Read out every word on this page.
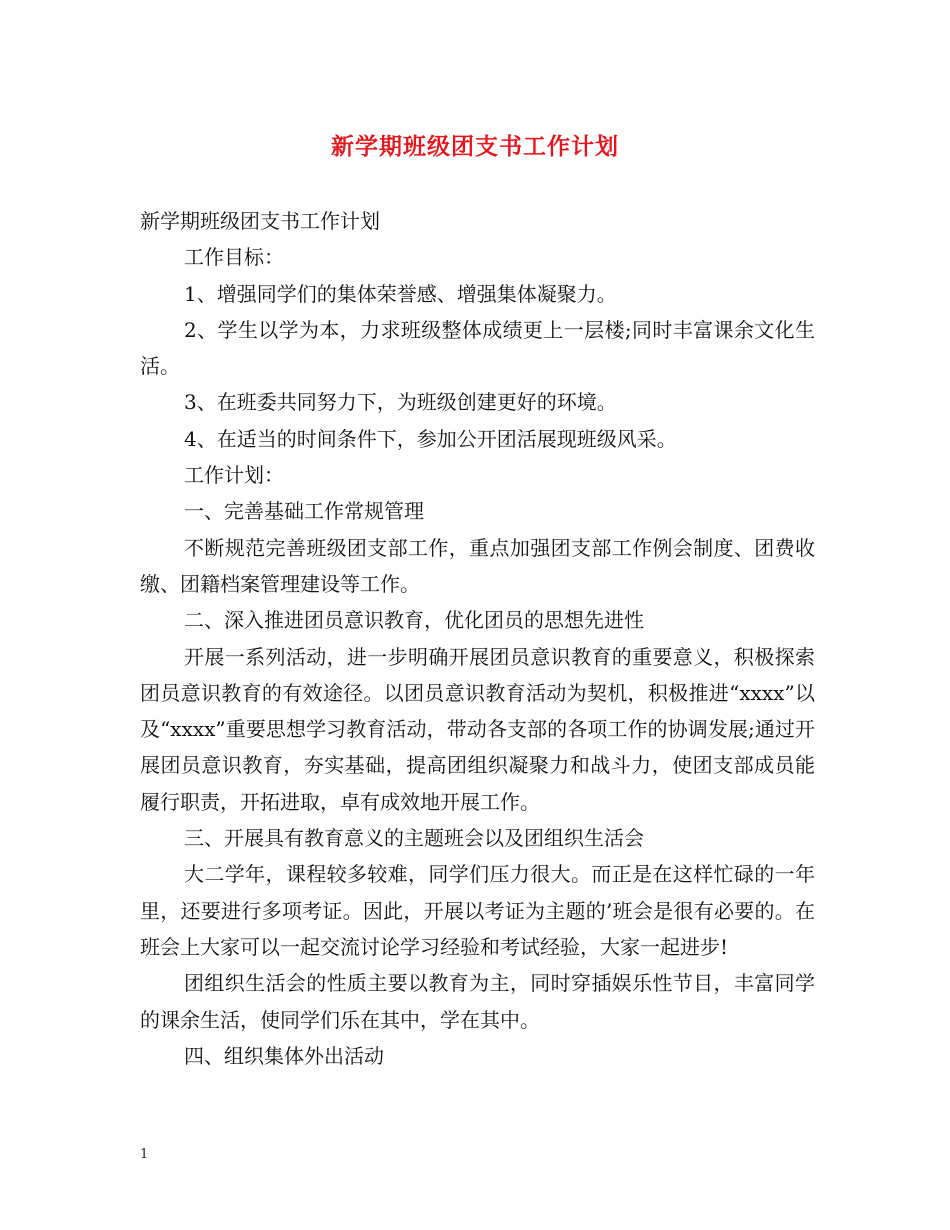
新学期班级团支书工作计划

新学期班级团支书工作计划

工作目标：

1、增强同学们的集体荣誉感、增强集体凝聚力。

2、学生以学为本，力求班级整体成绩更上一层楼;同时丰富课余文化生活。

3、在班委共同努力下，为班级创建更好的环境。

4、在适当的时间条件下，参加公开团活展现班级风采。

工作计划：

一、完善基础工作常规管理

不断规范完善班级团支部工作，重点加强团支部工作例会制度、团费收缴、团籍档案管理建设等工作。

二、深入推进团员意识教育，优化团员的思想先进性

开展一系列活动，进一步明确开展团员意识教育的重要意义，积极探索团员意识教育的有效途径。以团员意识教育活动为契机，积极推进“xxxx”以及“xxxx”重要思想学习教育活动，带动各支部的各项工作的协调发展;通过开展团员意识教育，夯实基础，提高团组织凝聚力和战斗力，使团支部成员能履行职责，开拓进取，卓有成效地开展工作。

三、开展具有教育意义的主题班会以及团组织生活会

大二学年，课程较多较难，同学们压力很大。而正是在这样忙碌的一年里，还要进行多项考证。因此，开展以考证为主题的’班会是很有必要的。在班会上大家可以一起交流讨论学习经验和考试经验，大家一起进步!

团组织生活会的性质主要以教育为主，同时穿插娱乐性节目，丰富同学的课余生活，使同学们乐在其中，学在其中。

四、组织集体外出活动

1
